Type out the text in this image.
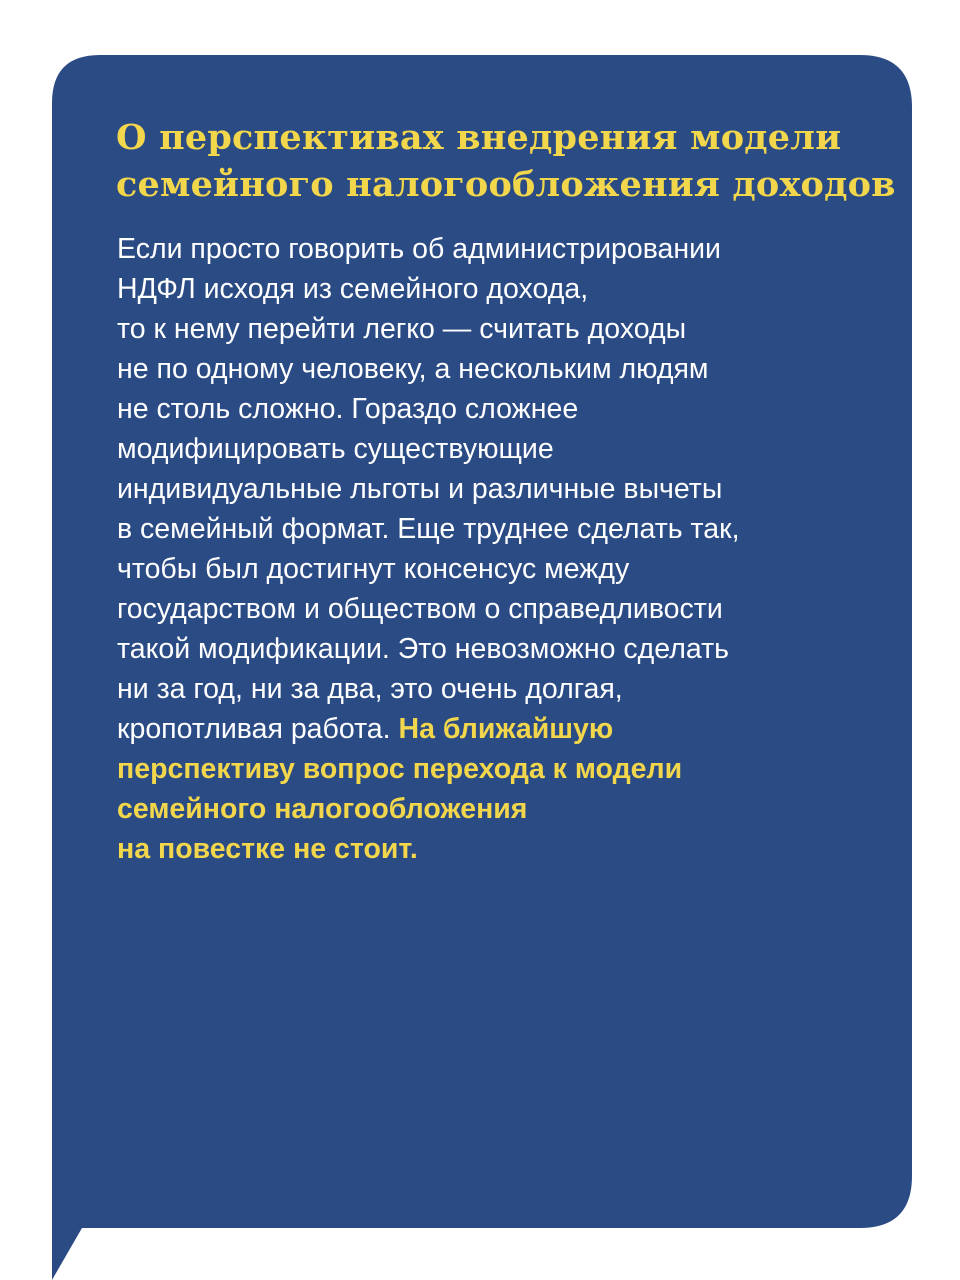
О перспективах внедрения модели
семейного налогообложения доходов

Если просто говорить об администрировании
НДФЛ исходя из семейного дохода,
то к нему перейти легко — считать доходы
не по одному человеку, а нескольким людям
не столь сложно. Гораздо сложнее
модифицировать существующие
индивидуальные льготы и различные вычеты
в семейный формат. Еще труднее сделать так,
чтобы был достигнут консенсус между
государством и обществом о справедливости
такой модификации. Это невозможно сделать
ни за год, ни за два, это очень долгая,
кропотливая работа. На ближайшую
перспективу вопрос перехода к модели
семейного налогообложения
на повестке не стоит.
